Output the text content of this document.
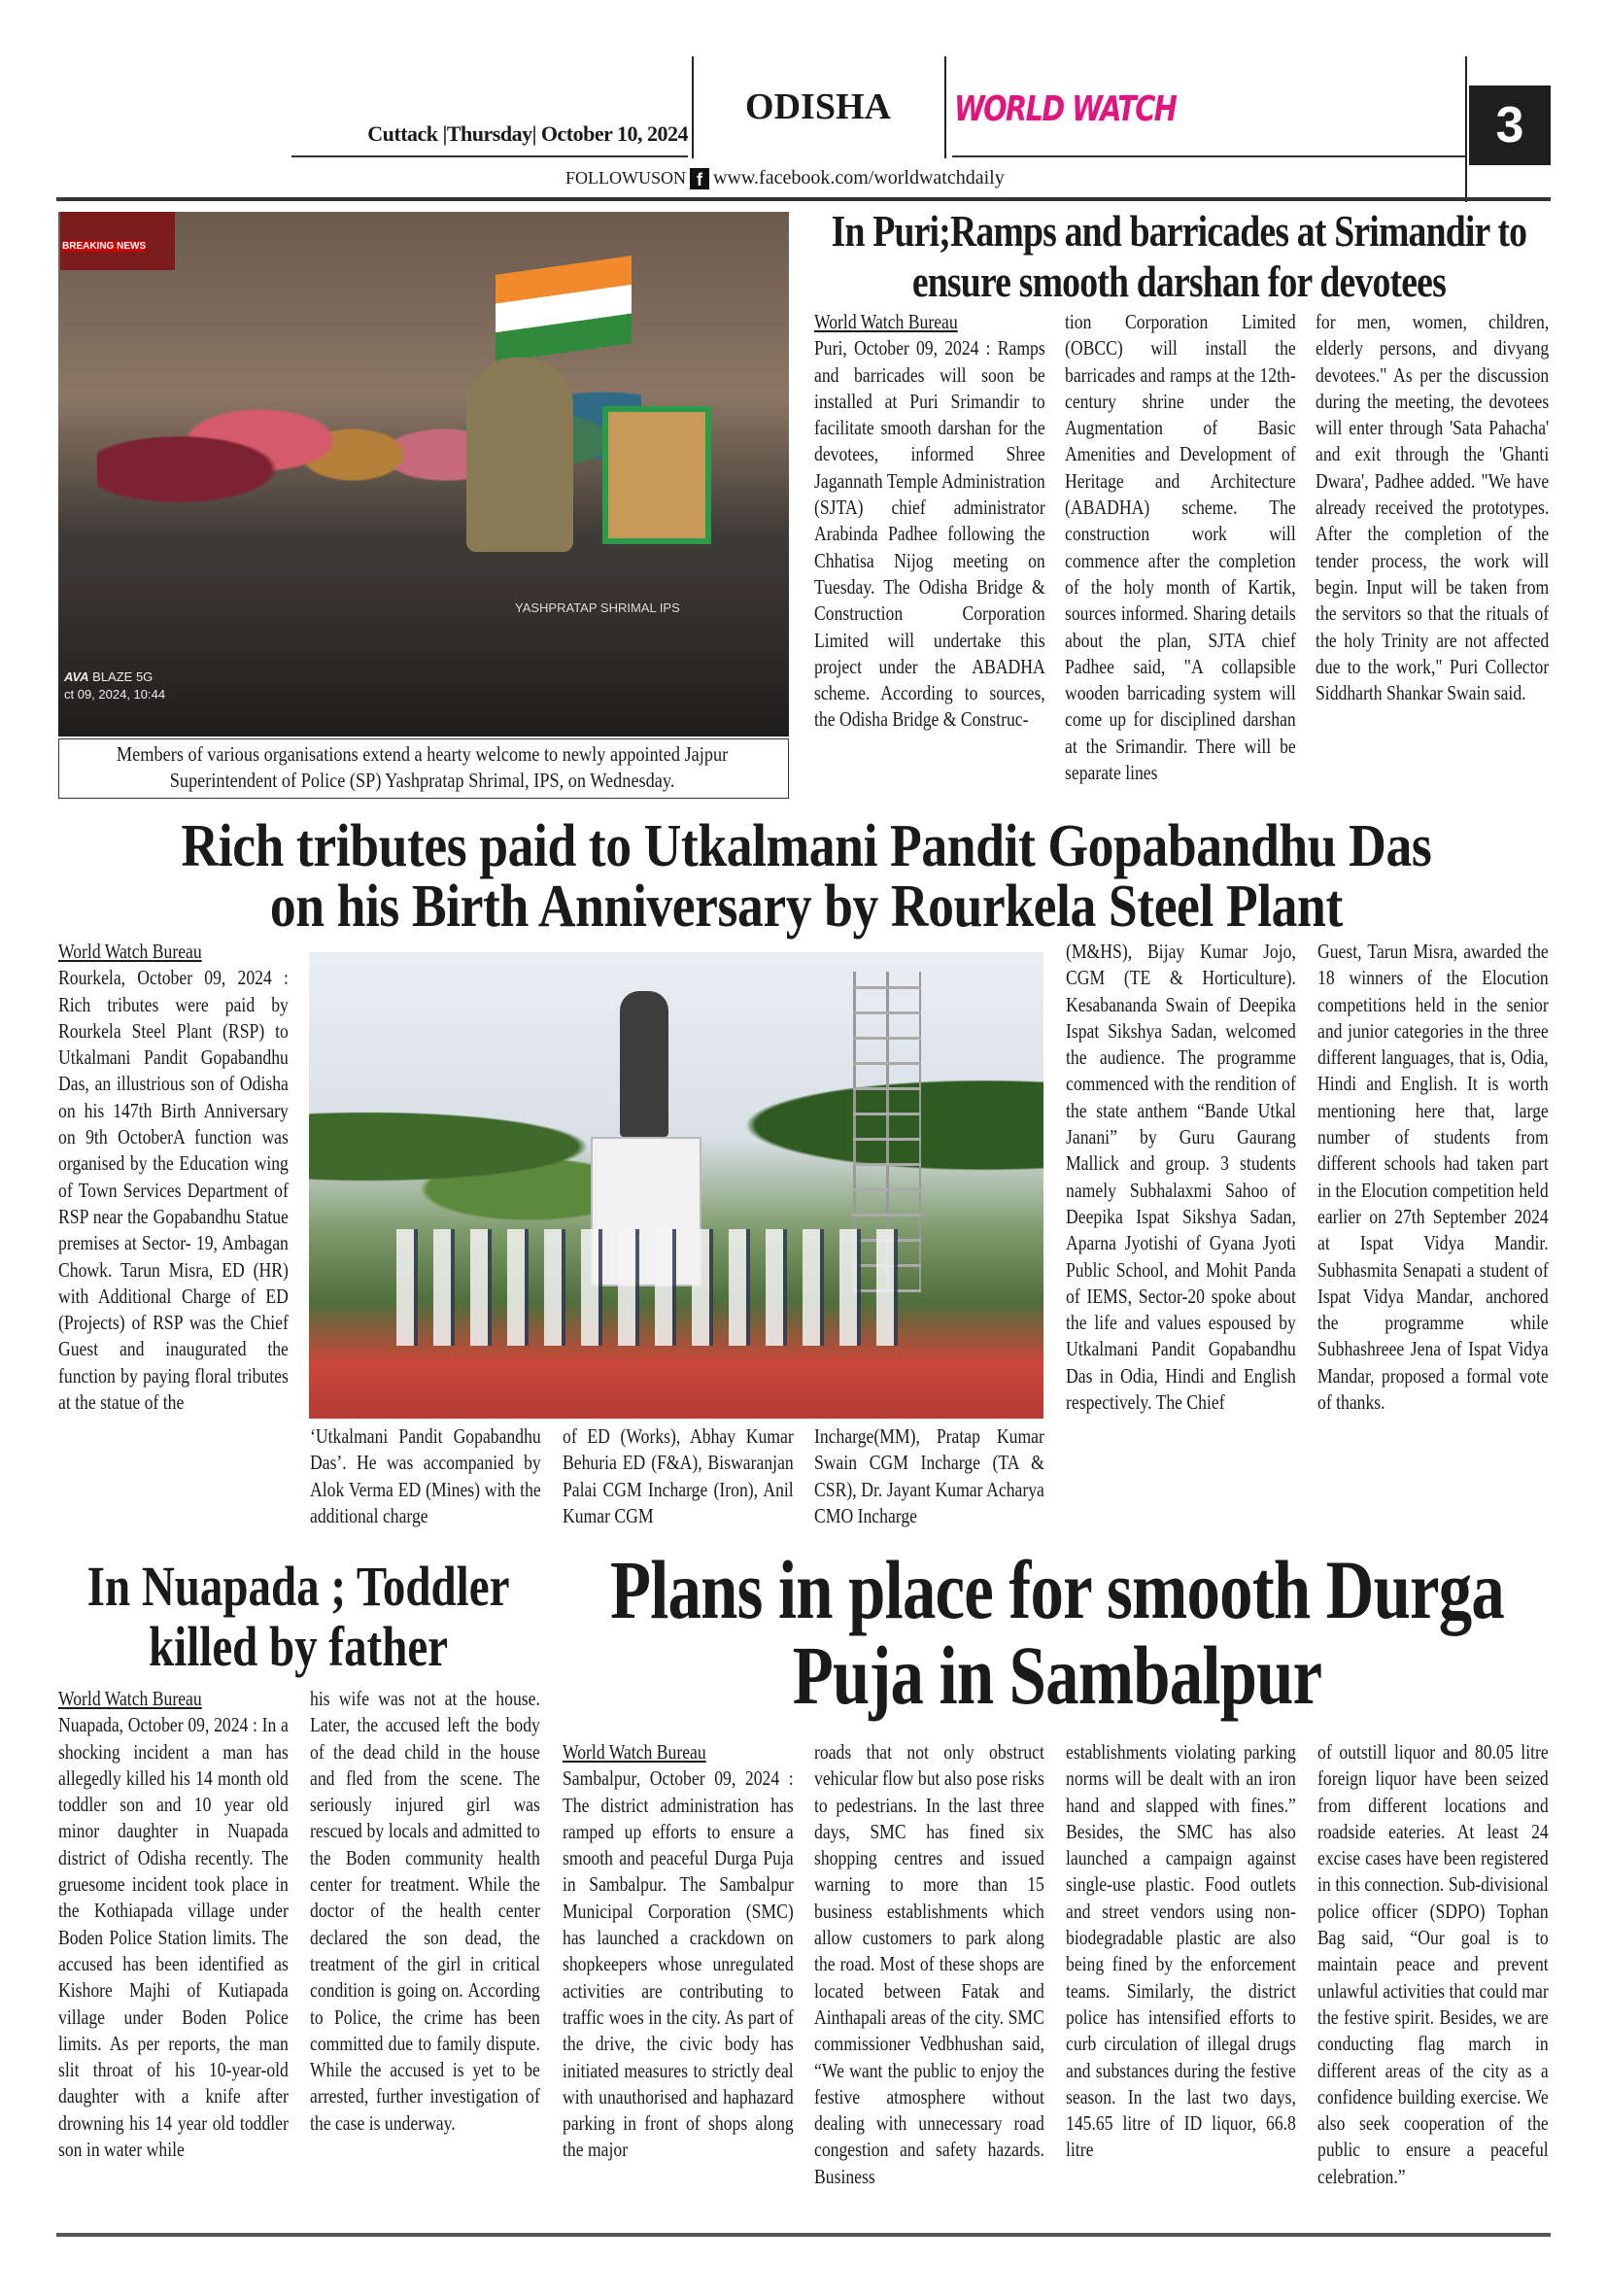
Cuttack |Thursday| October 10, 2024
ODISHA	WORLD WATCH	3
FOLLOWUSON f www.facebook.com/worldwatchdaily
BREAKING NEWS
YASHPRATAP SHRIMAL IPS
AVA BLAZE 5G
ct 09, 2024, 10:44
Members of various organisations extend a hearty welcome to newly appointed Jajpur Superintendent of Police (SP) Yashpratap Shrimal, IPS, on Wednesday.
In Puri;Ramps and barricades at Srimandir to
ensure smooth darshan for devotees
World Watch Bureau
Puri, October 09, 2024 : Ramps and barricades will soon be installed at Puri Srimandir to facilitate smooth darshan for the devotees, informed Shree Jagannath Temple Administration (SJTA) chief administrator Arabinda Padhee following the Chhatisa Nijog meeting on Tuesday. The Odisha Bridge & Construction Corporation Limited will undertake this project under the ABADHA scheme. According to sources, the Odisha Bridge & Construc-
tion Corporation Limited (OBCC) will install the barricades and ramps at the 12th-century shrine under the Augmentation of Basic Amenities and Development of Heritage and Architecture (ABADHA) scheme. The construction work will commence after the completion of the holy month of Kartik, sources informed. Sharing details about the plan, SJTA chief Padhee said, "A collapsible wooden barricading system will come up for disciplined darshan at the Srimandir. There will be separate lines
for men, women, children, elderly persons, and divyang devotees." As per the discussion during the meeting, the devotees will enter through 'Sata Pahacha' and exit through the 'Ghanti Dwara', Padhee added. "We have already received the prototypes. After the completion of the tender process, the work will begin. Input will be taken from the servitors so that the rituals of the holy Trinity are not affected due to the work," Puri Collector Siddharth Shankar Swain said.
Rich tributes paid to Utkalmani Pandit Gopabandhu Das
on his Birth Anniversary by Rourkela Steel Plant
World Watch Bureau
Rourkela, October 09, 2024 : Rich tributes were paid by Rourkela Steel Plant (RSP) to Utkalmani Pandit Gopabandhu Das, an illustrious son of Odisha on his 147th Birth Anniversary on 9th OctoberA function was organised by the Education wing of Town Services Department of RSP near the Gopabandhu Statue premises at Sector- 19, Ambagan Chowk. Tarun Misra, ED (HR) with Additional Charge of ED (Projects) of RSP was the Chief Guest and inaugurated the function by paying floral tributes at the statue of the
‘Utkalmani Pandit Gopabandhu Das’. He was accompanied by Alok Verma ED (Mines) with the additional charge
of ED (Works), Abhay Kumar Behuria ED (F&A), Biswaranjan Palai CGM Incharge (Iron), Anil Kumar CGM
Incharge(MM), Pratap Kumar Swain CGM Incharge (TA & CSR), Dr. Jayant Kumar Acharya CMO Incharge
(M&HS), Bijay Kumar Jojo, CGM (TE & Horticulture). Kesabananda Swain of Deepika Ispat Sikshya Sadan, welcomed the audience. The programme commenced with the rendition of the state anthem “Bande Utkal Janani” by Guru Gaurang Mallick and group. 3 students namely Subhalaxmi Sahoo of Deepika Ispat Sikshya Sadan, Aparna Jyotishi of Gyana Jyoti Public School, and Mohit Panda of IEMS, Sector-20 spoke about the life and values espoused by Utkalmani Pandit Gopabandhu Das in Odia, Hindi and English respectively. The Chief
Guest, Tarun Misra, awarded the 18 winners of the Elocution competitions held in the senior and junior categories in the three different languages, that is, Odia, Hindi and English. It is worth mentioning here that, large number of students from different schools had taken part in the Elocution competition held earlier on 27th September 2024 at Ispat Vidya Mandir. Subhasmita Senapati a student of Ispat Vidya Mandar, anchored the programme while Subhashreee Jena of Ispat Vidya Mandar, proposed a formal vote of thanks.
In Nuapada ; Toddler
killed by father
World Watch Bureau
Nuapada, October 09, 2024 : In a shocking incident a man has allegedly killed his 14 month old toddler son and 10 year old minor daughter in Nuapada district of Odisha recently. The gruesome incident took place in the Kothiapada village under Boden Police Station limits. The accused has been identified as Kishore Majhi of Kutiapada village under Boden Police limits. As per reports, the man slit throat of his 10-year-old daughter with a knife after drowning his 14 year old toddler son in water while
his wife was not at the house. Later, the accused left the body of the dead child in the house and fled from the scene. The seriously injured girl was rescued by locals and admitted to the Boden community health center for treatment. While the doctor of the health center declared the son dead, the treatment of the girl in critical condition is going on. According to Police, the crime has been committed due to family dispute. While the accused is yet to be arrested, further investigation of the case is underway.
Plans in place for smooth Durga
Puja in Sambalpur
World Watch Bureau
Sambalpur, October 09, 2024 : The district administration has ramped up efforts to ensure a smooth and peaceful Durga Puja in Sambalpur. The Sambalpur Municipal Corporation (SMC) has launched a crackdown on shopkeepers whose unregulated activities are contributing to traffic woes in the city. As part of the drive, the civic body has initiated measures to strictly deal with unauthorised and haphazard parking in front of shops along the major
roads that not only obstruct vehicular flow but also pose risks to pedestrians. In the last three days, SMC has fined six shopping centres and issued warning to more than 15 business establishments which allow customers to park along the road. Most of these shops are located between Fatak and Ainthapali areas of the city. SMC commissioner Vedbhushan said, “We want the public to enjoy the festive atmosphere without dealing with unnecessary road congestion and safety hazards. Business
establishments violating parking norms will be dealt with an iron hand and slapped with fines.” Besides, the SMC has also launched a campaign against single-use plastic. Food outlets and street vendors using non-biodegradable plastic are also being fined by the enforcement teams. Similarly, the district police has intensified efforts to curb circulation of illegal drugs and substances during the festive season. In the last two days, 145.65 litre of ID liquor, 66.8 litre
of outstill liquor and 80.05 litre foreign liquor have been seized from different locations and roadside eateries. At least 24 excise cases have been registered in this connection. Sub-divisional police officer (SDPO) Tophan Bag said, “Our goal is to maintain peace and prevent unlawful activities that could mar the festive spirit. Besides, we are conducting flag march in different areas of the city as a confidence building exercise. We also seek cooperation of the public to ensure a peaceful celebration.”
